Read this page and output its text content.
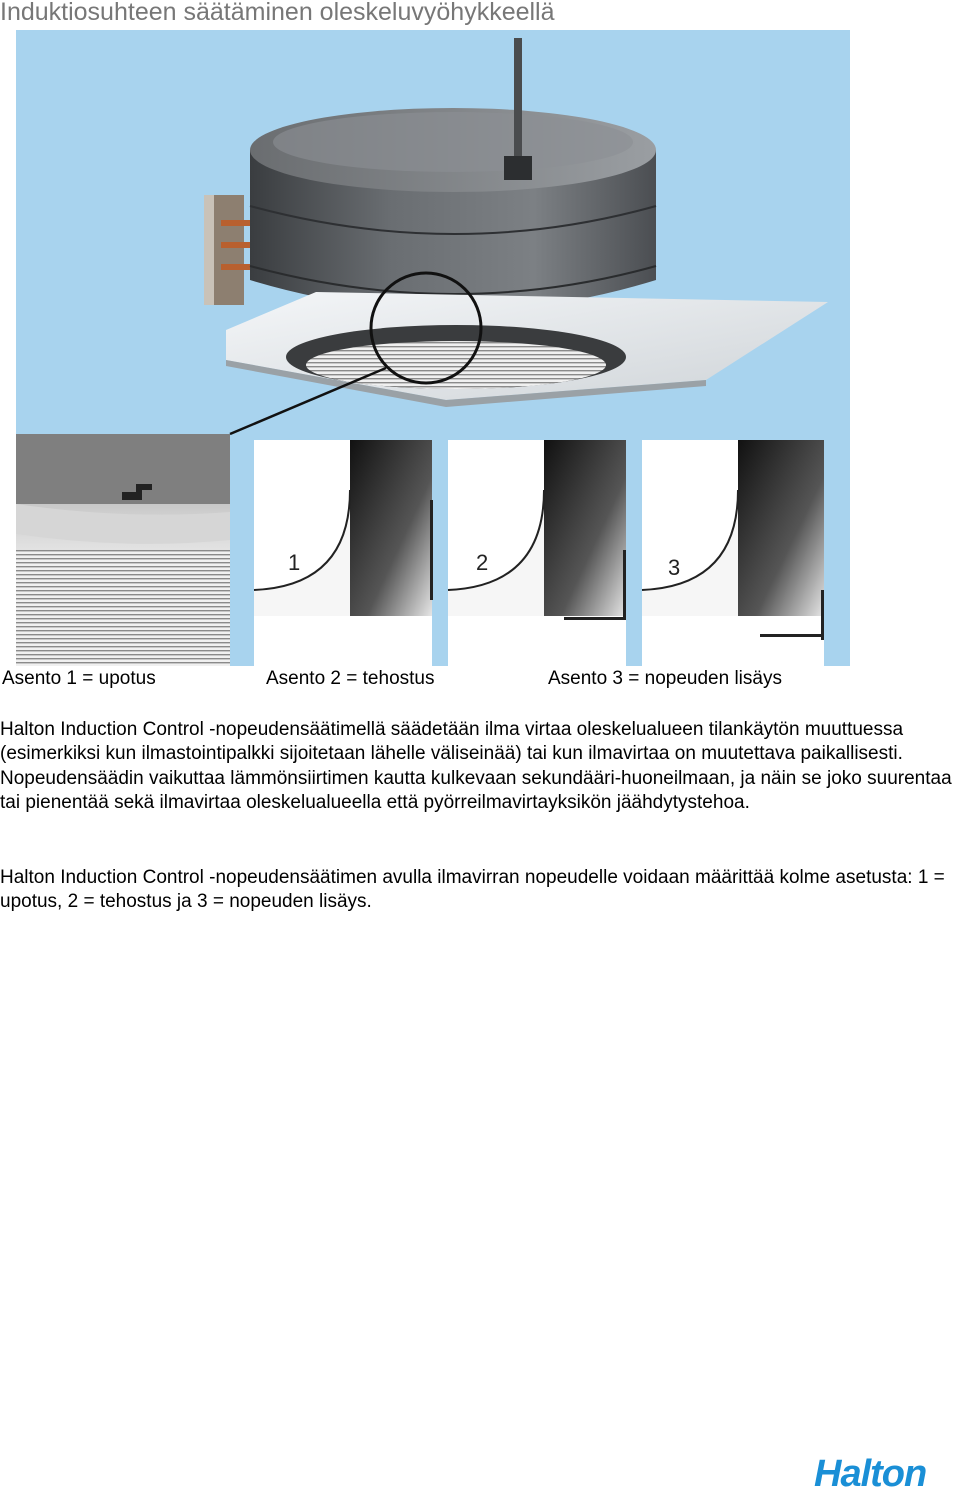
Induktiosuhteen säätäminen oleskeluvyöhykkeellä
1	2	3
Asento 1 = upotus	Asento 2 = tehostus	Asento 3 = nopeuden lisäys

Halton Induction Control -nopeudensäätimellä säädetään ilma virtaa oleskelualueen tilankäytön muuttuessa (esimerkiksi kun ilmastointipalkki sijoitetaan lähelle väliseinää) tai kun ilmavirtaa on muutettava paikallisesti. Nopeudensäädin vaikuttaa lämmönsiirtimen kautta kulkevaan sekundääri-huoneilmaan, ja näin se joko suurentaa tai pienentää sekä ilmavirtaa oleskelualueella että pyörreilmavirtayksikön jäähdytystehoa.

Halton Induction Control -nopeudensäätimen avulla ilmavirran nopeudelle voidaan määrittää kolme asetusta: 1 = upotus, 2 = tehostus ja 3 = nopeuden lisäys.

Halton
